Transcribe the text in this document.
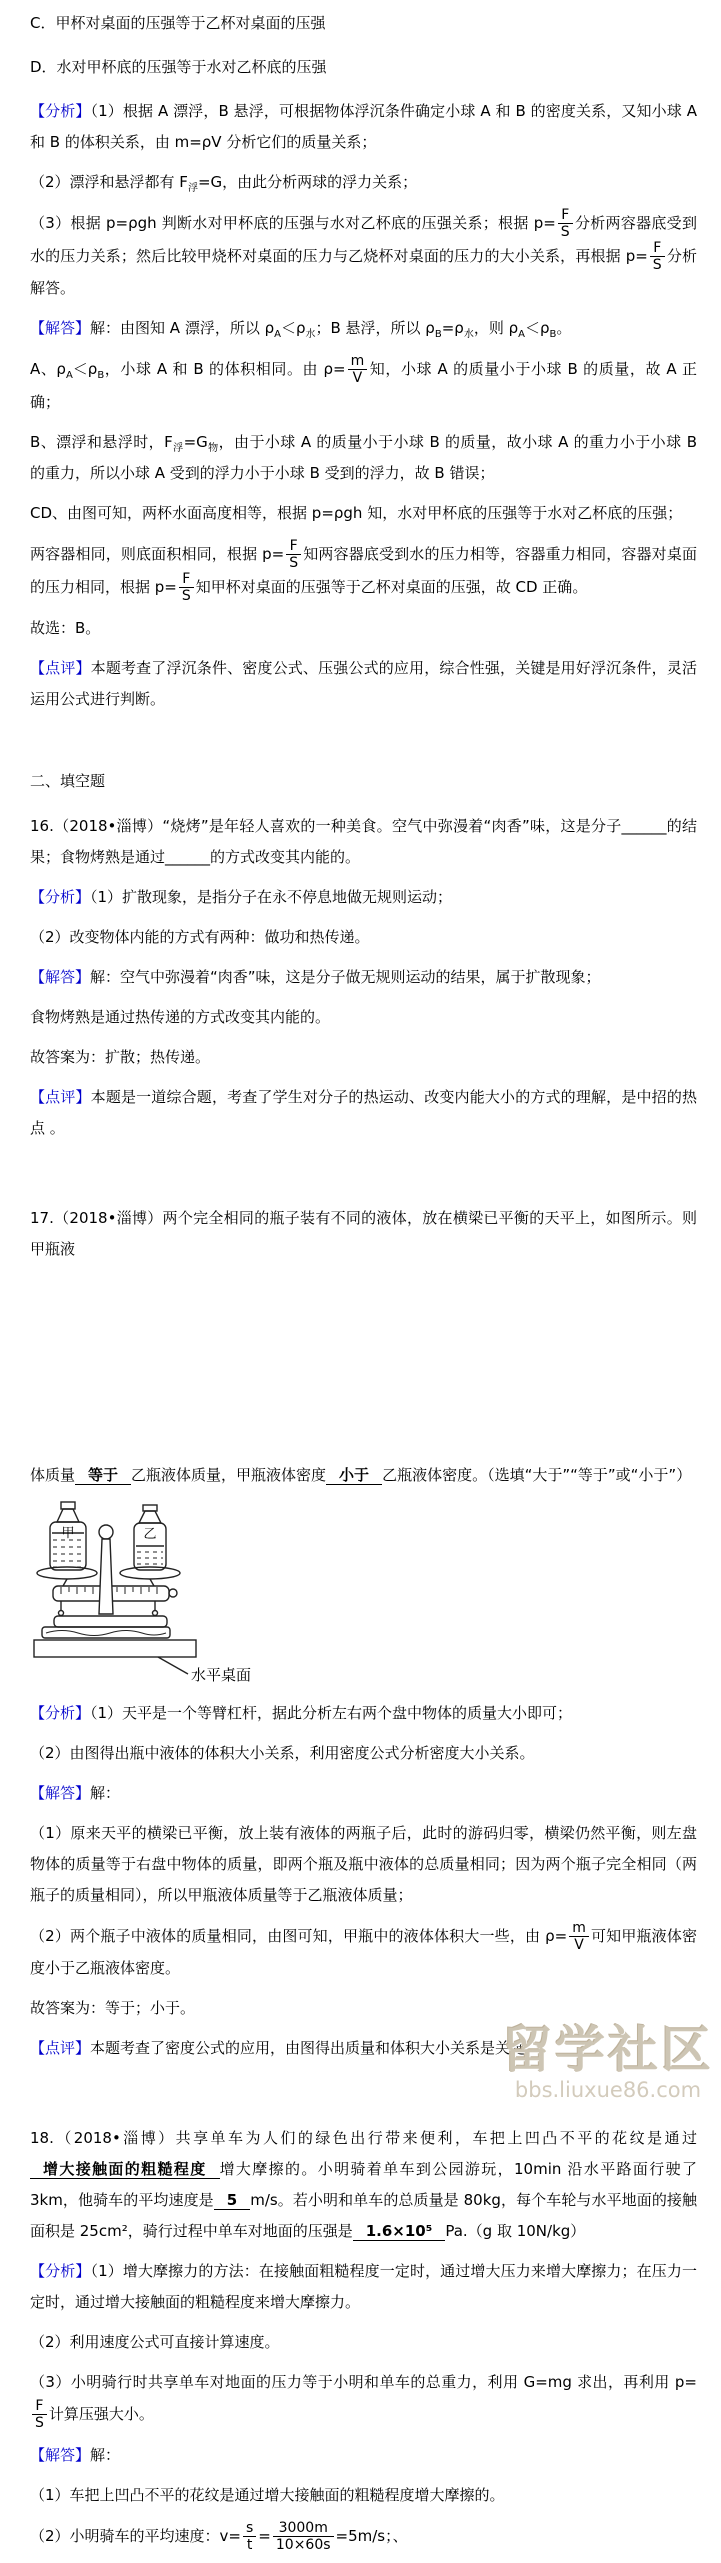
C．甲杯对桌面的压强等于乙杯对桌面的压强
D．水对甲杯底的压强等于水对乙杯底的压强
【分析】（1）根据 A 漂浮，B 悬浮，可根据物体浮沉条件确定小球 A 和 B 的密度关系，又知小球 A 和 B 的体积关系，由 m=ρV 分析它们的质量关系；
（2）漂浮和悬浮都有 $F_浮=G$，由此分析两球的浮力关系；
（3）根据 p=ρgh 判断水对甲杯底的压强与水对乙杯底的压强关系；根据 $p= \frac{F}{S}$ 分析两容器底受到水的压力关系；然后比较甲烧杯对桌面的压力与乙烧杯对桌面的压力的大小关系，再根据 $p= \frac{F}{S}$ 分析解答。
【解答】解：由图知 A 漂浮，所以 $\rho_A<\rho_水$；B 悬浮，所以 $\rho_B=\rho_水$，则 $\rho_A<\rho_B$。
A、$\rho_A<\rho_B$，小球 A 和 B 的体积相同。由 $\rho= \frac{m}{V}$ 知，小球 A 的质量小于小球 B 的质量，故 A 正确；
B、漂浮和悬浮时，$F_浮=G_物$，由于小球 A 的质量小于小球 B 的质量，故小球 A 的重力小于小球 B 的重力，所以小球 A 受到的浮力小于小球 B 受到的浮力，故 B 错误；
CD、由图可知，两杯水面高度相等，根据 p=ρgh 知，水对甲杯底的压强等于水对乙杯底的压强；
两容器相同，则底面积相同，根据 $p= \frac{F}{S}$ 知两容器底受到水的压力相等，容器重力相同，容器对桌面的压力相同，根据 $p= \frac{F}{S}$ 知甲杯对桌面的压强等于乙杯对桌面的压强，故 CD 正确。
故选：B。
【点评】本题考查了浮沉条件、密度公式、压强公式的应用，综合性强，关键是用好浮沉条件，灵活运用公式进行判断。
二、填空题
16.（2018•淄博）“烧烤”是年轻人喜欢的一种美食。空气中弥漫着“肉香”味，这是分子______的结果；食物烤熟是通过______的方式改变其内能的。
【分析】（1）扩散现象，是指分子在永不停息地做无规则运动；
（2）改变物体内能的方式有两种：做功和热传递。
【解答】解：空气中弥漫着“肉香”味，这是分子做无规则运动的结果，属于扩散现象；
食物烤熟是通过热传递的方式改变其内能的。
故答案为：扩散；热传递。
【点评】本题是一道综合题，考查了学生对分子的热运动、改变内能大小的方式的理解，是中招的热点 。
17.（2018•淄博）两个完全相同的瓶子装有不同的液体，放在横梁已平衡的天平上，如图所示。则甲瓶液
体质量 等于 乙瓶液体质量，甲瓶液体密度 小于 乙瓶液体密度。（选填“大于”“等于”或“小于”）
甲	乙
水平桌面
【分析】（1）天平是一个等臂杠杆，据此分析左右两个盘中物体的质量大小即可；
（2）由图得出瓶中液体的体积大小关系，利用密度公式分析密度大小关系。
【解答】解：
（1）原来天平的横梁已平衡，放上装有液体的两瓶子后，此时的游码归零，横梁仍然平衡，则左盘物体的质量等于右盘中物体的质量，即两个瓶及瓶中液体的总质量相同；因为两个瓶子完全相同（两瓶子的质量相同），所以甲瓶液体质量等于乙瓶液体质量；
（2）两个瓶子中液体的质量相同，由图可知，甲瓶中的液体体积大一些，由 $\rho= \frac{m}{V}$ 可知甲瓶液体密度小于乙瓶液体密度。
故答案为：等于；小于。
【点评】本题考查了密度公式的应用，由图得出质量和体积大小关系是关键。
18.（2018•淄博）共享单车为人们的绿色出行带来便利，车把上凹凸不平的花纹是通过增大接触面的粗糙程度 增大摩擦的。小明骑着单车到公园游玩，10min 沿水平路面行驶了 3km，他骑车的平均速度是 5 m/s。若小明和单车的总质量是 80kg，每个车轮与水平地面的接触面积是 25cm²，骑行过程中单车对地面的压强是 1.6×10⁵ Pa.（g 取 10N/kg）
【分析】（1）增大摩擦力的方法：在接触面粗糙程度一定时，通过增大压力来增大摩擦力；在压力一定时，通过增大接触面的粗糙程度来增大摩擦力。
（2）利用速度公式可直接计算速度。
（3）小明骑行时共享单车对地面的压力等于小明和单车的总重力，利用 G=mg 求出，再利用 p=
$\frac{F}{S}$ 计算压强大小。
【解答】解：
（1）车把上凹凸不平的花纹是通过增大接触面的粗糙程度增大摩擦的。
（2）小明骑车的平均速度：$v= \frac{s}{t} = \frac{3000m}{10\times 60s} =5m/s$；、
留学社区
bbs.liuxue86.com
